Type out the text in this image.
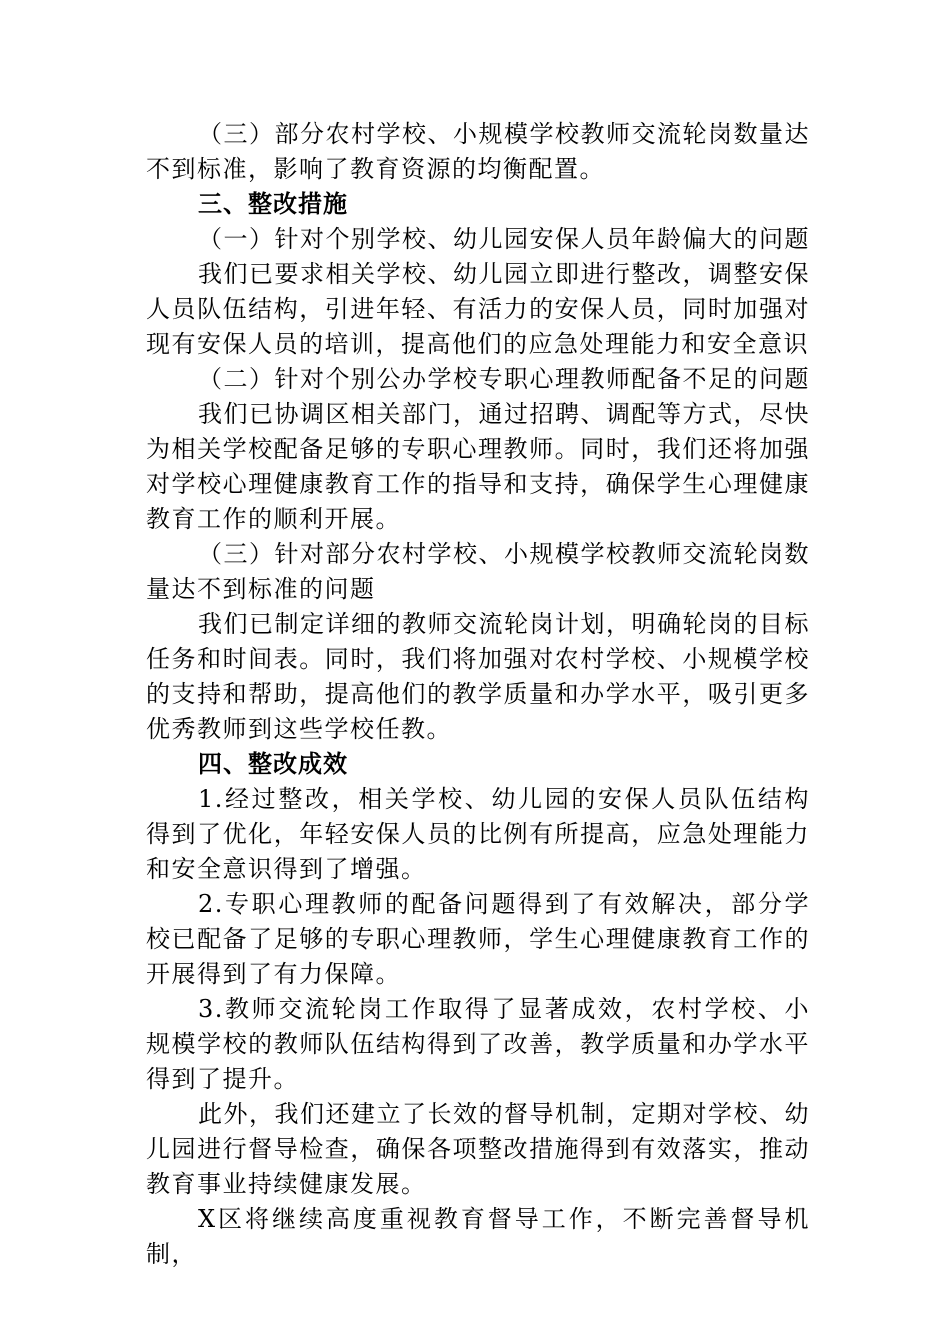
（三）部分农村学校、小规模学校教师交流轮岗数量达不到标准，影响了教育资源的均衡配置。

三、整改措施

（一）针对个别学校、幼儿园安保人员年龄偏大的问题

我们已要求相关学校、幼儿园立即进行整改，调整安保人员队伍结构，引进年轻、有活力的安保人员，同时加强对现有安保人员的培训，提高他们的应急处理能力和安全意识

（二）针对个别公办学校专职心理教师配备不足的问题

我们已协调区相关部门，通过招聘、调配等方式，尽快为相关学校配备足够的专职心理教师。同时，我们还将加强对学校心理健康教育工作的指导和支持，确保学生心理健康教育工作的顺利开展。

（三）针对部分农村学校、小规模学校教师交流轮岗数量达不到标准的问题

我们已制定详细的教师交流轮岗计划，明确轮岗的目标任务和时间表。同时，我们将加强对农村学校、小规模学校的支持和帮助，提高他们的教学质量和办学水平，吸引更多优秀教师到这些学校任教。

四、整改成效

1.经过整改，相关学校、幼儿园的安保人员队伍结构得到了优化，年轻安保人员的比例有所提高，应急处理能力和安全意识得到了增强。

2.专职心理教师的配备问题得到了有效解决，部分学校已配备了足够的专职心理教师，学生心理健康教育工作的开展得到了有力保障。

3.教师交流轮岗工作取得了显著成效，农村学校、小规模学校的教师队伍结构得到了改善，教学质量和办学水平得到了提升。

此外，我们还建立了长效的督导机制，定期对学校、幼儿园进行督导检查，确保各项整改措施得到有效落实，推动教育事业持续健康发展。

X区将继续高度重视教育督导工作，不断完善督导机制，
